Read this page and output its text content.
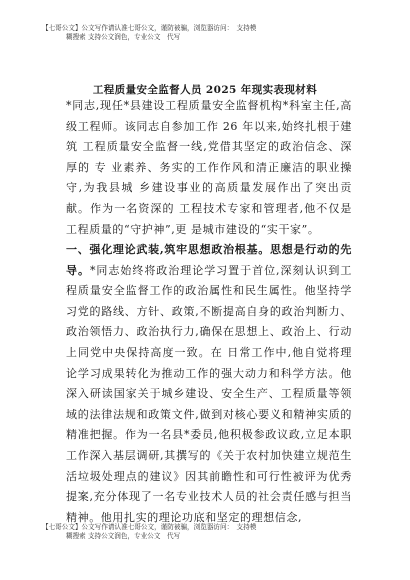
【七哥公文】公文写作请认准七哥公文，谨防被骗，浏览器访问：　支持模
糊搜索 支持公文润色，专业公文　代写
工程质量安全监督人员 2025 年现实表现材料
*同志,现任*县建设工程质量安全监督机构*科室主任,高级工程师。该同志自参加工作 26 年以来,始终扎根于建筑 工程质量安全监督一线,党借其坚定的政治信念、深厚的 专 业素养、务实的工作作风和清正廉洁的职业操守,为我县城 乡建设事业的高质量发展作出了突出贡献。作为一名资深的 工程技术专家和管理者,他不仅是工程质量的“守护神”,更 是城市建设的“实干家”。
一、强化理论武装,筑牢思想政治根基。思想是行动的先导。*同志始终将政治理论学习置于首位,深刻认识到工程质量安全监督工作的政治属性和民生属性。他坚持学习党的路线、方针、政策,不断提高自身的政治判断力、政治领悟力、政治执行力,确保在思想上、政治上、行动上同党中央保持高度一致。在 日常工作中,他自觉将理论学习成果转化为推动工作的强大动力和科学方法。他深入研读国家关于城乡建设、安全生产、工程质量等领域的法律法规和政策文件,做到对核心要义和精神实质的精准把握。作为一名县*委员,他积极参政议政,立足本职工作深入基层调研,其撰写的《关于农村加快建立规范生活垃圾处理点的建议》因其前瞻性和可行性被评为优秀提案,充分体现了一名专业技术人员的社会责任感与担当精神。他用扎实的理论功底和坚定的理想信念,
【七哥公文】公文写作请认准七哥公文，谨防被骗，浏览器访问：　支持模
糊搜索 支持公文润色，专业公文　代写
